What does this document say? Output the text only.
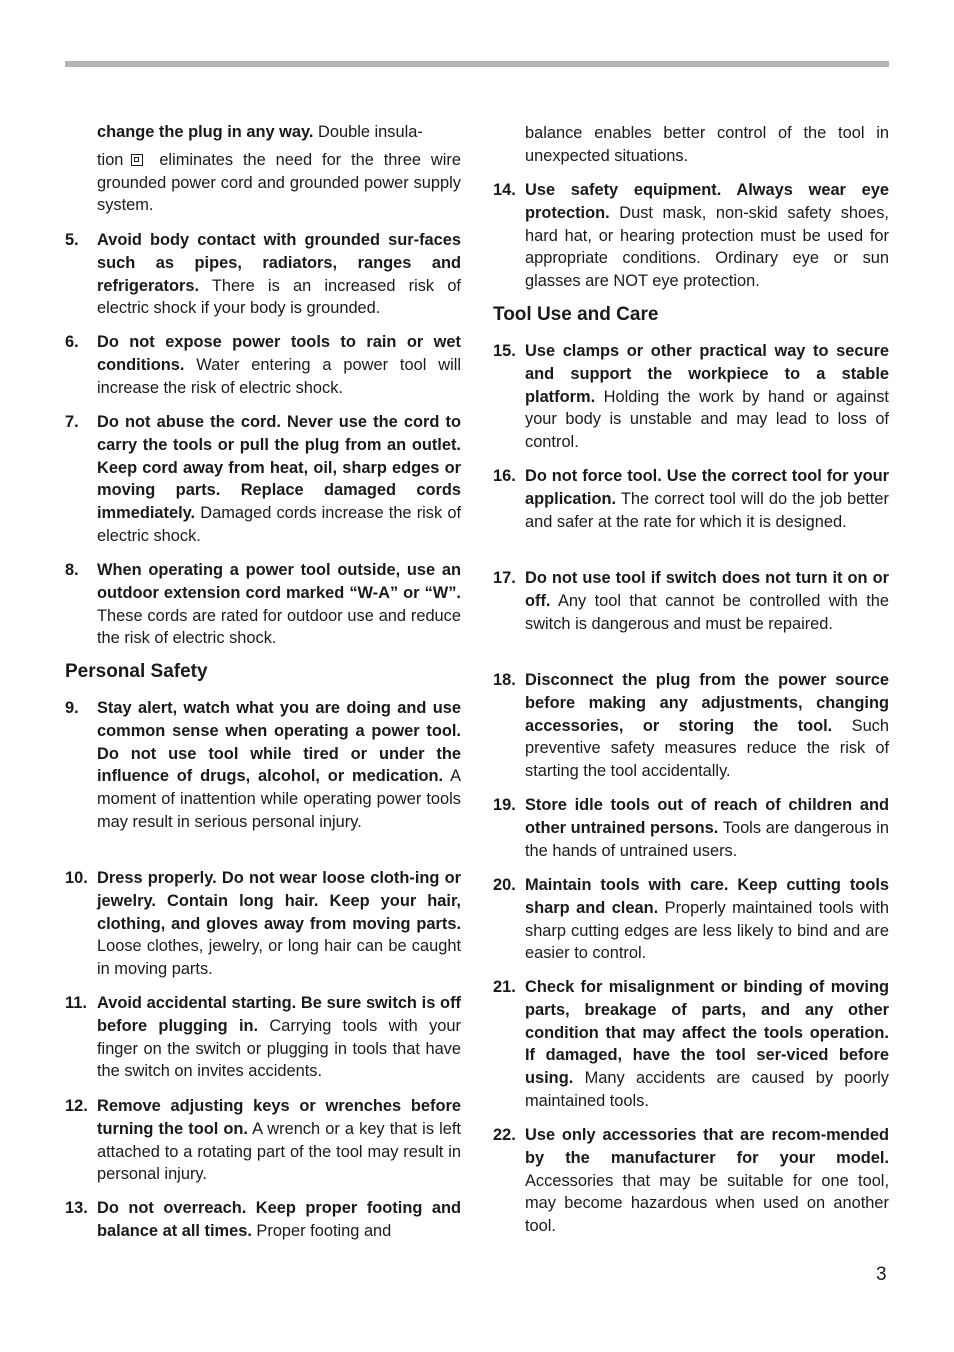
change the plug in any way. Double insula-
tion eliminates the need for the three wire grounded power cord and grounded power supply system.
5. Avoid body contact with grounded sur-faces such as pipes, radiators, ranges and refrigerators. There is an increased risk of electric shock if your body is grounded.
6. Do not expose power tools to rain or wet conditions. Water entering a power tool will increase the risk of electric shock.
7. Do not abuse the cord. Never use the cord to carry the tools or pull the plug from an outlet. Keep cord away from heat, oil, sharp edges or moving parts. Replace damaged cords immediately. Damaged cords increase the risk of electric shock.
8. When operating a power tool outside, use an outdoor extension cord marked “W-A” or “W”. These cords are rated for outdoor use and reduce the risk of electric shock.
Personal Safety
9. Stay alert, watch what you are doing and use common sense when operating a power tool. Do not use tool while tired or under the influence of drugs, alcohol, or medication. A moment of inattention while operating power tools may result in serious personal injury.
10. Dress properly. Do not wear loose cloth-ing or jewelry. Contain long hair. Keep your hair, clothing, and gloves away from moving parts. Loose clothes, jewelry, or long hair can be caught in moving parts.
11. Avoid accidental starting. Be sure switch is off before plugging in. Carrying tools with your finger on the switch or plugging in tools that have the switch on invites accidents.
12. Remove adjusting keys or wrenches before turning the tool on. A wrench or a key that is left attached to a rotating part of the tool may result in personal injury.
13. Do not overreach. Keep proper footing and balance at all times. Proper footing and
balance enables better control of the tool in unexpected situations.
14. Use safety equipment. Always wear eye protection. Dust mask, non-skid safety shoes, hard hat, or hearing protection must be used for appropriate conditions. Ordinary eye or sun glasses are NOT eye protection.
Tool Use and Care
15. Use clamps or other practical way to secure and support the workpiece to a stable platform. Holding the work by hand or against your body is unstable and may lead to loss of control.
16. Do not force tool. Use the correct tool for your application. The correct tool will do the job better and safer at the rate for which it is designed.
17. Do not use tool if switch does not turn it on or off. Any tool that cannot be controlled with the switch is dangerous and must be repaired.
18. Disconnect the plug from the power source before making any adjustments, changing accessories, or storing the tool. Such preventive safety measures reduce the risk of starting the tool accidentally.
19. Store idle tools out of reach of children and other untrained persons. Tools are dangerous in the hands of untrained users.
20. Maintain tools with care. Keep cutting tools sharp and clean. Properly maintained tools with sharp cutting edges are less likely to bind and are easier to control.
21. Check for misalignment or binding of moving parts, breakage of parts, and any other condition that may affect the tools operation. If damaged, have the tool ser-viced before using. Many accidents are caused by poorly maintained tools.
22. Use only accessories that are recom-mended by the manufacturer for your model. Accessories that may be suitable for one tool, may become hazardous when used on another tool.
3
